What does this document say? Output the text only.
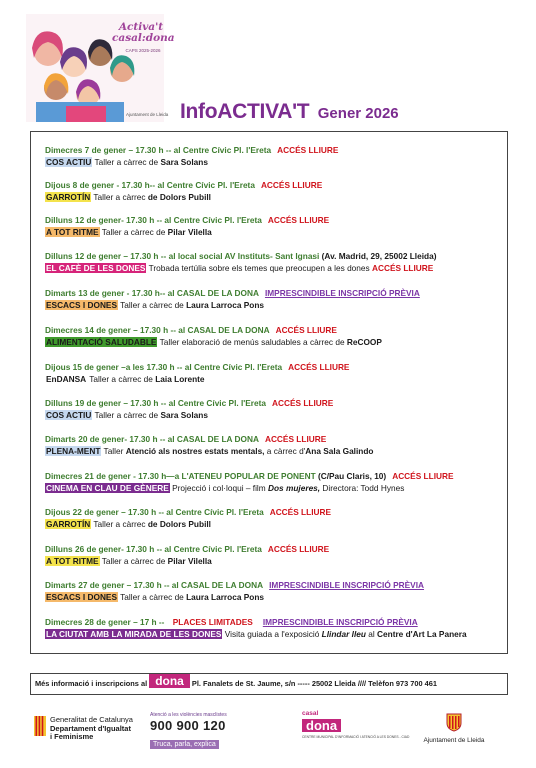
Activa't
casal:dona
CAPS 2025-2026
Ajuntament de Lleida InfoACTIVA'T Gener 2026
Dimecres 7 de gener – 17.30 h -- al Centre Cívic Pl. l'Ereta ACCÉS LLIURE
COS ACTIU Taller a càrrec de Sara Solans
Dijous 8 de gener - 17.30 h-- al Centre Cívic Pl. l'Ereta ACCÉS LLIURE
GARROTÍN Taller a càrrec de Dolors Pubill
Dilluns 12 de gener- 17.30 h -- al Centre Cívic Pl. l'Ereta ACCÉS LLIURE
A TOT RITME Taller a càrrec de Pilar Vilella
Dilluns 12 de gener – 17.30 h -- al local social AV Instituts- Sant Ignasi (Av. Madrid, 29, 25002 Lleida)
EL CAFÈ DE LES DONES Trobada tertúlia sobre els temes que preocupen a les dones ACCÉS LLIURE
Dimarts 13 de gener - 17.30 h-- al CASAL DE LA DONA IMPRESCINDIBLE INSCRIPCIÓ PRÈVIA
ESCACS I DONES Taller a càrrec de Laura Larroca Pons
Dimecres 14 de gener – 17.30 h -- al CASAL DE LA DONA ACCÉS LLIURE
ALIMENTACIÓ SALUDABLE Taller elaboració de menús saludables a càrrec de ReCOOP
Dijous 15 de gener –a les 17.30 h -- al Centre Cívic Pl. l'Ereta ACCÉS LLIURE
EnDANSA Taller a càrrec de Laia Lorente
Dilluns 19 de gener – 17.30 h -- al Centre Cívic Pl. l'Ereta ACCÉS LLIURE
COS ACTIU Taller a càrrec de Sara Solans
Dimarts 20 de gener- 17.30 h -- al CASAL DE LA DONA ACCÉS LLIURE
PLENA-MENT Taller Atenció als nostres estats mentals, a càrrec d'Ana Sala Galindo
Dimecres 21 de gener - 17.30 h—a L'ATENEU POPULAR DE PONENT (C/Pau Claris, 10) ACCÉS LLIURE
CINEMA EN CLAU DE GÈNERE Projecció i col·loqui – film Dos mujeres, Directora: Todd Hynes
Dijous 22 de gener – 17.30 h -- al Centre Cívic Pl. l'Ereta ACCÉS LLIURE
GARROTÍN Taller a càrrec de Dolors Pubill
Dilluns 26 de gener- 17.30 h -- al Centre Cívic Pl. l'Ereta ACCÉS LLIURE
A TOT RITME Taller a càrrec de Pilar Vilella
Dimarts 27 de gener – 17.30 h -- al CASAL DE LA DONA IMPRESCINDIBLE INSCRIPCIÓ PRÈVIA
ESCACS I DONES Taller a càrrec de Laura Larroca Pons
Dimecres 28 de gener – 17 h -- PLACES LIMITADES IMPRESCINDIBLE INSCRIPCIÓ PRÈVIA
LA CIUTAT AMB LA MIRADA DE LES DONES Visita guiada a l'exposició Llindar lleu al Centre d'Art La Panera
Més informació i inscripcions al dona Pl. Fanalets de St. Jaume, s/n ----- 25002 Lleida //// Telèfon 973 700 461
Generalitat de Catalunya
Departament d'Igualtat
i Feminisme
Atenció a les violències masclistes
900 900 120
Truca, parla, explica
casal
dona
CENTRE MUNICIPAL D'INFORMACIÓ I ATENCIÓ A LES DONES - CIAD	Ajuntament de Lleida
